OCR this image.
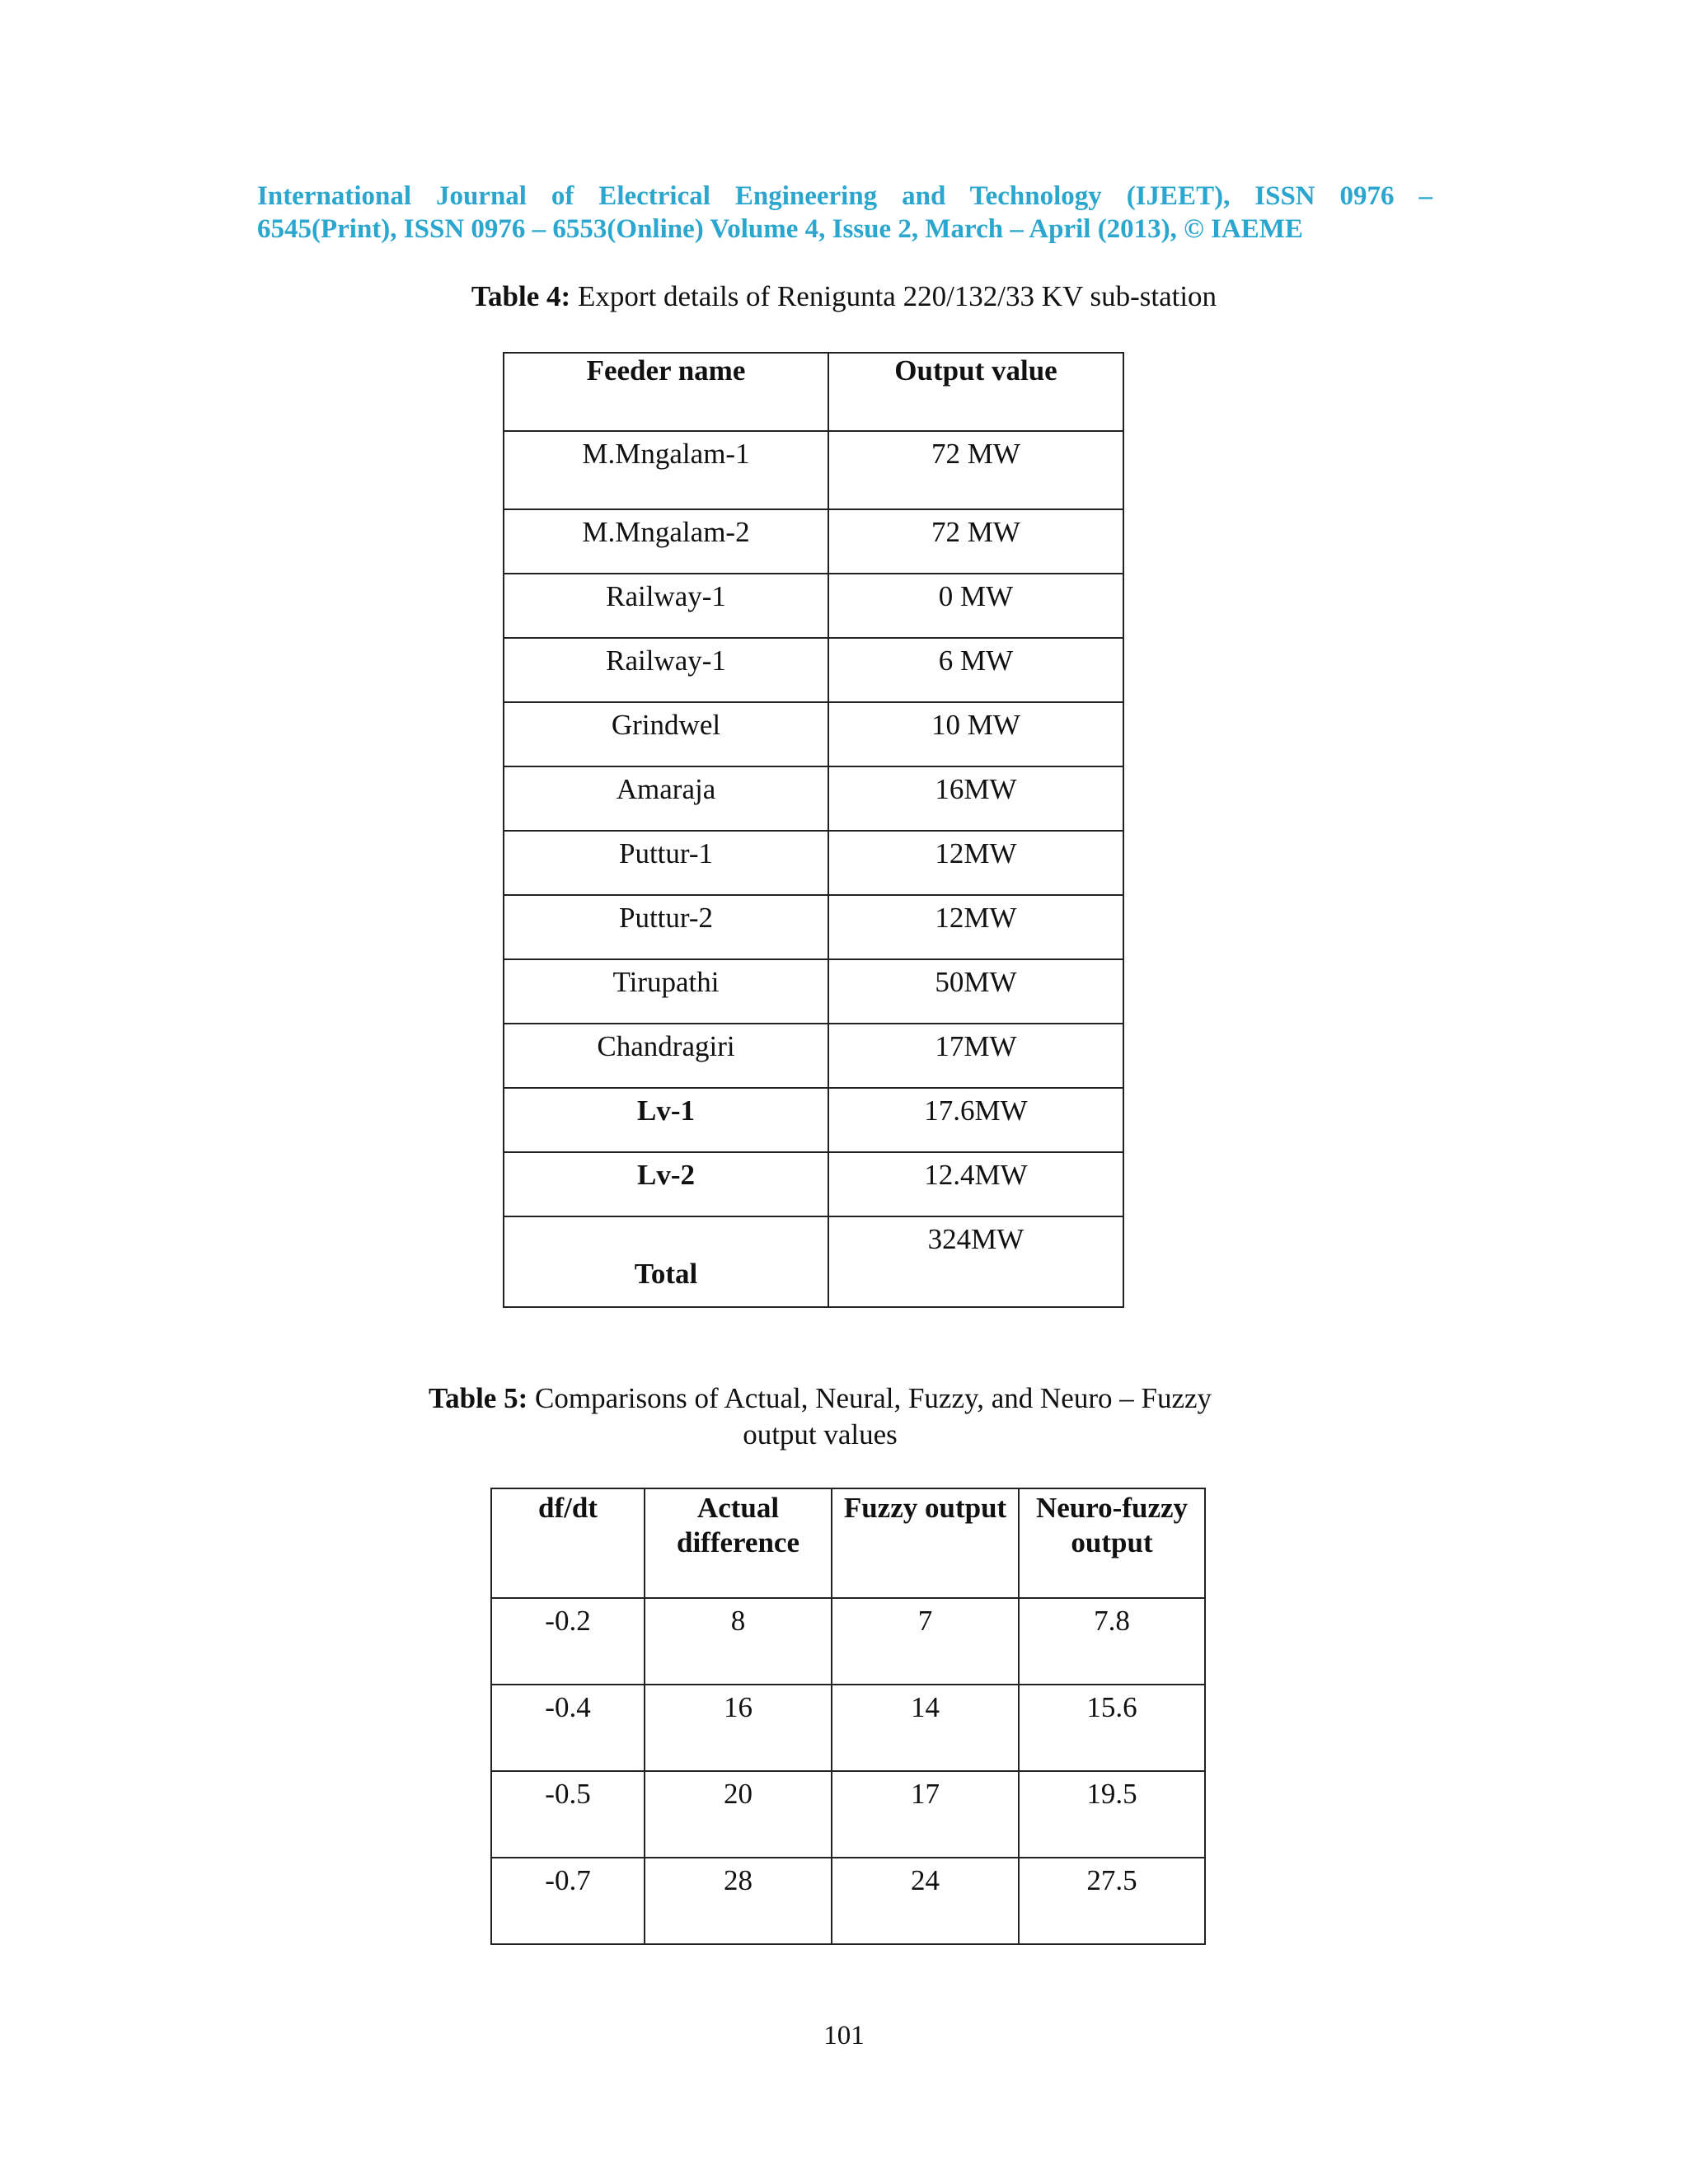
International Journal of Electrical Engineering and Technology (IJEET), ISSN 0976 –
6545(Print), ISSN 0976 – 6553(Online) Volume 4, Issue 2, March – April (2013), © IAEME
Table 4: Export details of Renigunta 220/132/33 KV sub-station
Feeder name	Output value
M.Mngalam-1	72 MW
M.Mngalam-2	72 MW
Railway-1	0 MW
Railway-1	6 MW
Grindwel	10 MW
Amaraja	16MW
Puttur-1	12MW
Puttur-2	12MW
Tirupathi	50MW
Chandragiri	17MW
Lv-1	17.6MW
Lv-2	12.4MW
Total	324MW
Table 5: Comparisons of Actual, Neural, Fuzzy, and Neuro – Fuzzy output values
df/dt	Actual difference	Fuzzy output	Neuro-fuzzy output
-0.2	8	7	7.8
-0.4	16	14	15.6
-0.5	20	17	19.5
-0.7	28	24	27.5
101
